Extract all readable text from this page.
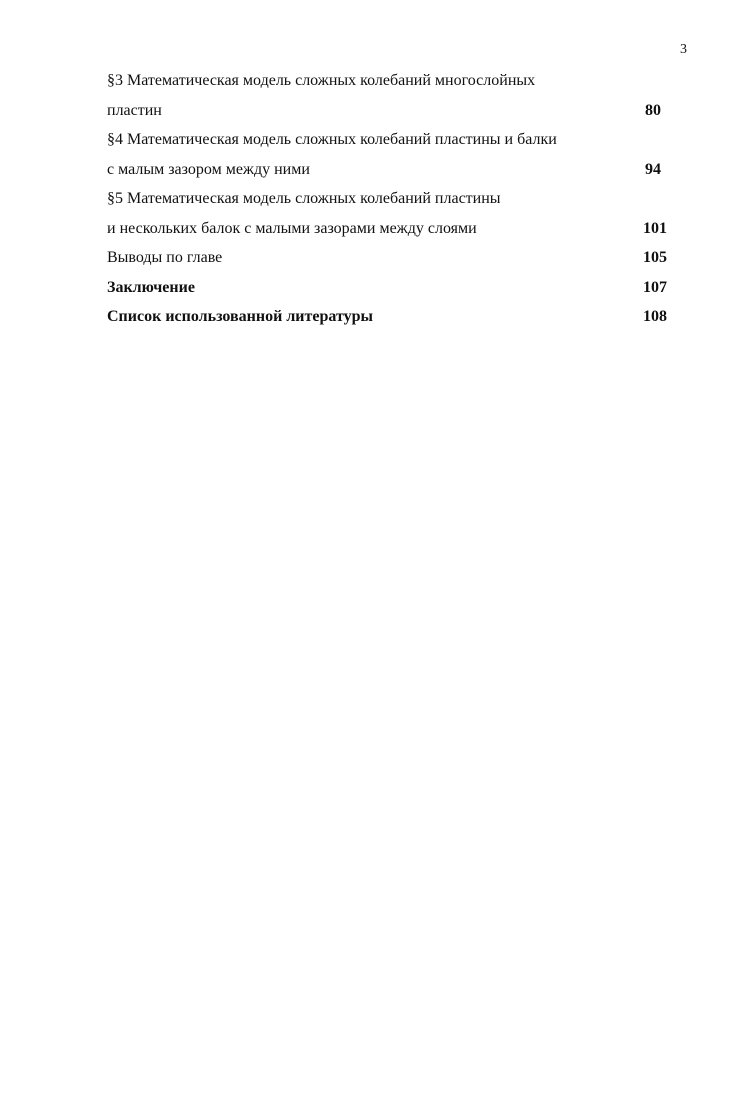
3
§3 Математическая модель сложных колебаний многослойных
пластин	80
§4 Математическая модель сложных колебаний пластины и балки
с малым зазором между ними	94
§5 Математическая модель сложных колебаний пластины
и нескольких балок с малыми зазорами между слоями	101
Выводы по главе	105
Заключение	107
Список использованной литературы	108
